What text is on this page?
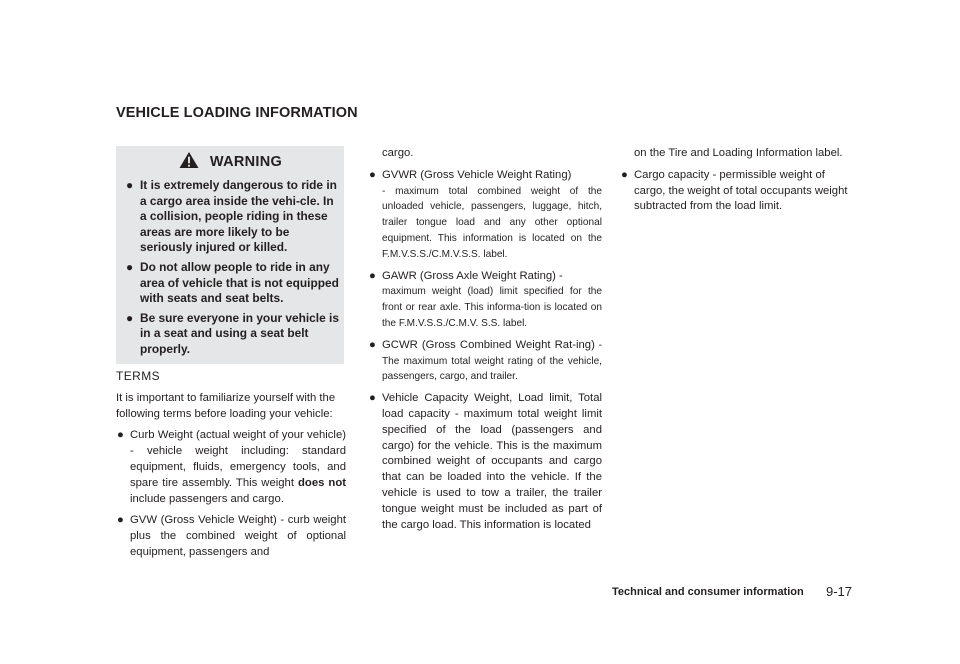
VEHICLE LOADING INFORMATION
WARNING
● It is extremely dangerous to ride in a cargo area inside the vehi-cle. In a collision, people riding in these areas are more likely to be seriously injured or killed.
● Do not allow people to ride in any area of vehicle that is not equipped with seats and seat belts.
● Be sure everyone in your vehicle is in a seat and using a seat belt properly.

TERMS

It is important to familiarize yourself with the following terms before loading your vehicle:

● Curb Weight (actual weight of your vehicle) - vehicle weight including: standard equipment, fluids, emergency tools, and spare tire assembly. This weight does not include passengers and cargo.
● GVW (Gross Vehicle Weight) - curb weight plus the combined weight of optional equipment, passengers and

cargo.

● GVWR (Gross Vehicle Weight Rating)
- maximum total combined weight of the unloaded vehicle, passengers, luggage, hitch, trailer tongue load and any other optional equipment. This information is located on the F.M.V.S.S./C.M.V.S.S. label.
● GAWR (Gross Axle Weight Rating) -
maximum weight (load) limit specified for the front or rear axle. This informa-tion is located on the F.M.V.S.S./C.M.V. S.S. label.
● GCWR (Gross Combined Weight Rat-ing) - The maximum total weight rating of the vehicle, passengers, cargo, and trailer.
● Vehicle Capacity Weight, Load limit, Total load capacity - maximum total weight limit specified of the load (passengers and cargo) for the vehicle. This is the maximum combined weight of occupants and cargo that can be loaded into the vehicle. If the vehicle is used to tow a trailer, the trailer tongue weight must be included as part of the cargo load. This information is located

on the Tire and Loading Information label.

● Cargo capacity - permissible weight of cargo, the weight of total occupants weight subtracted from the load limit.
Technical and consumer information 9-17
